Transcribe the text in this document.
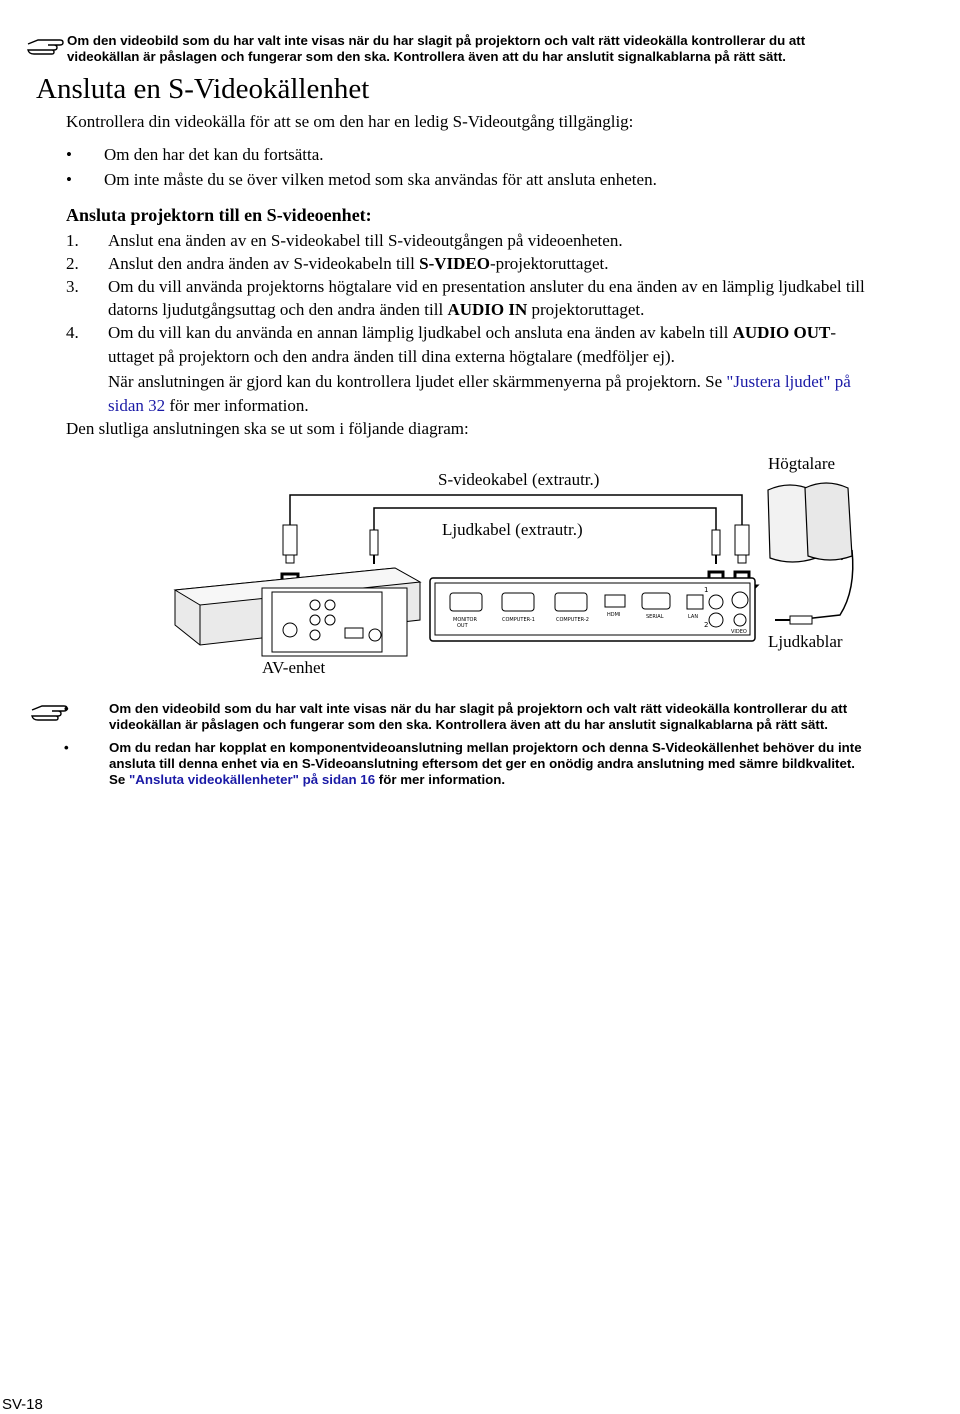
Om den videobild som du har valt inte visas när du har slagit på projektorn och valt rätt videokälla kontrollerar du att
videokällan är påslagen och fungerar som den ska. Kontrollera även att du har anslutit signalkablarna på rätt sätt.
Ansluta en S-Videokällenhet
Kontrollera din videokälla för att se om den har en ledig S-Videoutgång tillgänglig:
• Om den har det kan du fortsätta.
• Om inte måste du se över vilken metod som ska användas för att ansluta enheten.
Ansluta projektorn till en S-videoenhet:
1. Anslut ena änden av en S-videokabel till S-videoutgången på videoenheten.
2. Anslut den andra änden av S-videokabeln till S-VIDEO-projektoruttaget.
3. Om du vill använda projektorns högtalare vid en presentation ansluter du ena änden av en lämplig ljudkabel till
datorns ljudutgångsuttag och den andra änden till AUDIO IN projektoruttaget.
4. Om du vill kan du använda en annan lämplig ljudkabel och ansluta ena änden av kabeln till AUDIO OUT-
uttaget på projektorn och den andra änden till dina externa högtalare (medföljer ej).
När anslutningen är gjord kan du kontrollera ljudet eller skärmmenyerna på projektorn. Se "Justera ljudet" på
sidan 32 för mer information.
Den slutliga anslutningen ska se ut som i följande diagram:
MONITOR
OUT
COMPUTER-1	COMPUTER-2
HDMI	SERIAL	LAN
VIDEO
1
2
S-videokabel (extrautr.)
Högtalare
Ljudkabel (extrautr.)
AV-enhet
Ljudkablar
•	Om den videobild som du har valt inte visas när du har slagit på projektorn och valt rätt videokälla kontrollerar du att
videokällan är påslagen och fungerar som den ska. Kontrollera även att du har anslutit signalkablarna på rätt sätt.
•	Om du redan har kopplat en komponentvideoanslutning mellan projektorn och denna S-Videokällenhet behöver du inte
ansluta till denna enhet via en S-Videoanslutning eftersom det ger en onödig andra anslutning med sämre bildkvalitet.
Se "Ansluta videokällenheter" på sidan 16 för mer information.
SV-18
